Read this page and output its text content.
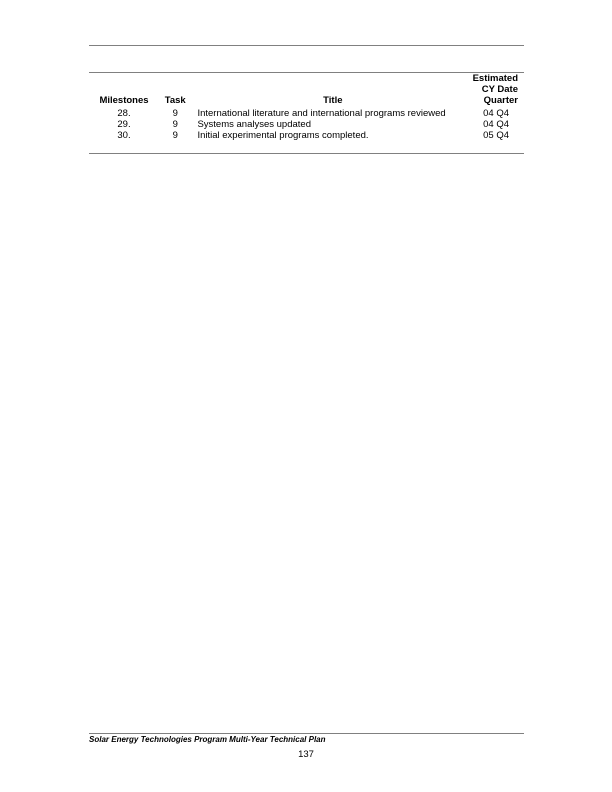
Milestones	Task	Title	Estimated
CY Date
Quarter

28.	9	International literature and international programs reviewed	04 Q4
29.	9	Systems analyses updated	04 Q4
30.	9	Initial experimental programs completed.	05 Q4
Solar Energy Technologies Program Multi-Year Technical Plan
137
